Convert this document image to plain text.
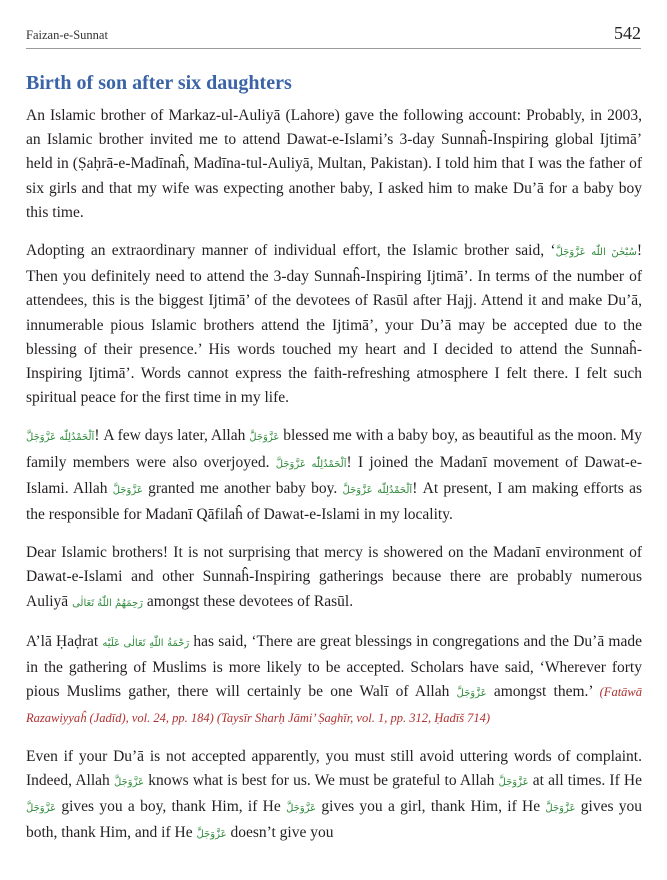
Faizan-e-Sunnat	542
Birth of son after six daughters

An Islamic brother of Markaz-ul-Auliyā (Lahore) gave the following account: Probably, in 2003, an Islamic brother invited me to attend Dawat-e-Islami’s 3-day Sunnaĥ-Inspiring global Ijtimā’ held in (Ṣaḥrā-e-Madīnaĥ, Madīna-tul-Auliyā, Multan, Pakistan). I told him that I was the father of six girls and that my wife was expecting another baby, I asked him to make Du’ā for a baby boy this time.

Adopting an extraordinary manner of individual effort, the Islamic brother said, ‘سُبْحٰنَ اللّٰه عَزَّوَجَلَّ! Then you definitely need to attend the 3-day Sunnaĥ-Inspiring Ijtimā’. In terms of the number of attendees, this is the biggest Ijtimā’ of the devotees of Rasūl after Hajj. Attend it and make Du’ā, innumerable pious Islamic brothers attend the Ijtimā’, your Du’ā may be accepted due to the blessing of their presence.’ His words touched my heart and I decided to attend the Sunnaĥ-Inspiring Ijtimā’. Words cannot express the faith-refreshing atmosphere I felt there. I felt such spiritual peace for the first time in my life.

اَلْحَمْدُلِلّٰه عَزَّوَجَلَّ! A few days later, Allah عَزَّوَجَلَّ blessed me with a baby boy, as beautiful as the moon. My family members were also overjoyed. اَلْحَمْدُلِلّٰه عَزَّوَجَلَّ! I joined the Madanī movement of Dawat-e-Islami. Allah عَزَّوَجَلَّ granted me another baby boy. اَلْحَمْدُلِلّٰه عَزَّوَجَلَّ! At present, I am making efforts as the responsible for Madanī Qāfilaĥ of Dawat-e-Islami in my locality.

Dear Islamic brothers! It is not surprising that mercy is showered on the Madanī environment of Dawat-e-Islami and other Sunnaĥ-Inspiring gatherings because there are probably numerous Auliyā رَحِمَهُمُ اللّٰهُ تَعَالٰی amongst these devotees of Rasūl.

A’lā Ḥaḍrat رَحْمَةُ اللّٰهِ تَعَالٰی عَلَيْه has said, ‘There are great blessings in congregations and the Du’ā made in the gathering of Muslims is more likely to be accepted. Scholars have said, ‘Wherever forty pious Muslims gather, there will certainly be one Walī of Allah عَزَّوَجَلَّ amongst them.’ (Fatāwā Razawiyyaĥ (Jadīd), vol. 24, pp. 184) (Taysīr Sharḥ Jāmi’ Ṣaghīr, vol. 1, pp. 312, Ḥadīš 714)

Even if your Du’ā is not accepted apparently, you must still avoid uttering words of complaint. Indeed, Allah عَزَّوَجَلَّ knows what is best for us. We must be grateful to Allah عَزَّوَجَلَّ at all times. If He عَزَّوَجَلَّ gives you a boy, thank Him, if He عَزَّوَجَلَّ gives you a girl, thank Him, if He عَزَّوَجَلَّ gives you both, thank Him, and if He عَزَّوَجَلَّ doesn’t give you
